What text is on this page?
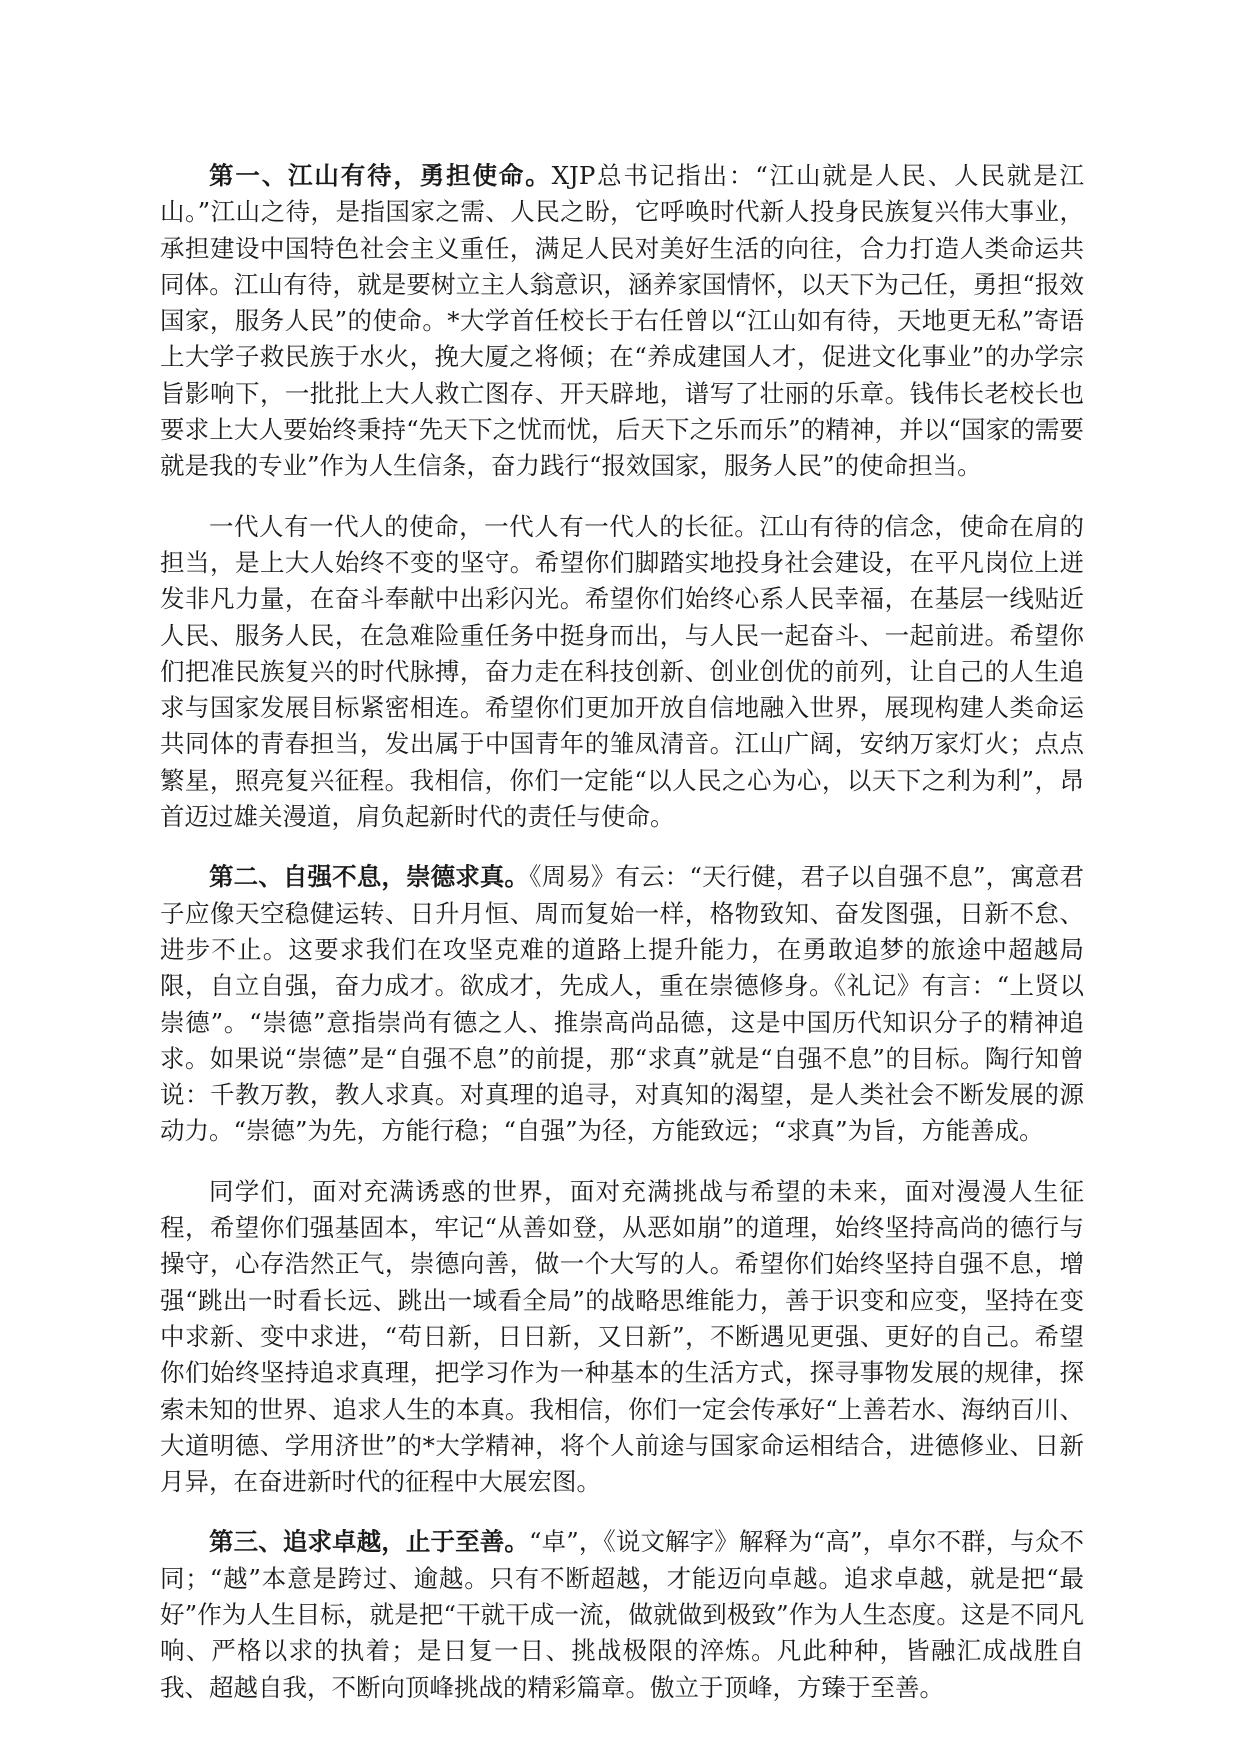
第一、江山有待，勇担使命。XJP总书记指出：“江山就是人民、人民就是江山。”江山之待，是指国家之需、人民之盼，它呼唤时代新人投身民族复兴伟大事业，承担建设中国特色社会主义重任，满足人民对美好生活的向往，合力打造人类命运共同体。江山有待，就是要树立主人翁意识，涵养家国情怀，以天下为己任，勇担“报效国家，服务人民”的使命。*大学首任校长于右任曾以“江山如有待，天地更无私”寄语上大学子救民族于水火，挽大厦之将倾；在“养成建国人才，促进文化事业”的办学宗旨影响下，一批批上大人救亡图存、开天辟地，谱写了壮丽的乐章。钱伟长老校长也要求上大人要始终秉持“先天下之忧而忧，后天下之乐而乐”的精神，并以“国家的需要就是我的专业”作为人生信条，奋力践行“报效国家，服务人民”的使命担当。

一代人有一代人的使命，一代人有一代人的长征。江山有待的信念，使命在肩的担当，是上大人始终不变的坚守。希望你们脚踏实地投身社会建设，在平凡岗位上迸发非凡力量，在奋斗奉献中出彩闪光。希望你们始终心系人民幸福，在基层一线贴近人民、服务人民，在急难险重任务中挺身而出，与人民一起奋斗、一起前进。希望你们把准民族复兴的时代脉搏，奋力走在科技创新、创业创优的前列，让自己的人生追求与国家发展目标紧密相连。希望你们更加开放自信地融入世界，展现构建人类命运共同体的青春担当，发出属于中国青年的雏凤清音。江山广阔，安纳万家灯火；点点繁星，照亮复兴征程。我相信，你们一定能“以人民之心为心，以天下之利为利”，昂首迈过雄关漫道，肩负起新时代的责任与使命。

第二、自强不息，崇德求真。《周易》有云：“天行健，君子以自强不息”，寓意君子应像天空稳健运转、日升月恒、周而复始一样，格物致知、奋发图强，日新不怠、进步不止。这要求我们在攻坚克难的道路上提升能力，在勇敢追梦的旅途中超越局限，自立自强，奋力成才。欲成才，先成人，重在崇德修身。《礼记》有言：“上贤以崇德”。“崇德”意指崇尚有德之人、推崇高尚品德，这是中国历代知识分子的精神追求。如果说“崇德”是“自强不息”的前提，那“求真”就是“自强不息”的目标。陶行知曾说：千教万教，教人求真。对真理的追寻，对真知的渴望，是人类社会不断发展的源动力。“崇德”为先，方能行稳；“自强”为径，方能致远；“求真”为旨，方能善成。

同学们，面对充满诱惑的世界，面对充满挑战与希望的未来，面对漫漫人生征程，希望你们强基固本，牢记“从善如登，从恶如崩”的道理，始终坚持高尚的德行与操守，心存浩然正气，崇德向善，做一个大写的人。希望你们始终坚持自强不息，增强“跳出一时看长远、跳出一域看全局”的战略思维能力，善于识变和应变，坚持在变中求新、变中求进，“苟日新，日日新，又日新”，不断遇见更强、更好的自己。希望你们始终坚持追求真理，把学习作为一种基本的生活方式，探寻事物发展的规律，探索未知的世界、追求人生的本真。我相信，你们一定会传承好“上善若水、海纳百川、大道明德、学用济世”的*大学精神，将个人前途与国家命运相结合，进德修业、日新月异，在奋进新时代的征程中大展宏图。

第三、追求卓越，止于至善。“卓”，《说文解字》解释为“高”，卓尔不群，与众不同；“越”本意是跨过、逾越。只有不断超越，才能迈向卓越。追求卓越，就是把“最好”作为人生目标，就是把“干就干成一流，做就做到极致”作为人生态度。这是不同凡响、严格以求的执着；是日复一日、挑战极限的淬炼。凡此种种，皆融汇成战胜自我、超越自我，不断向顶峰挑战的精彩篇章。傲立于顶峰，方臻于至善。
